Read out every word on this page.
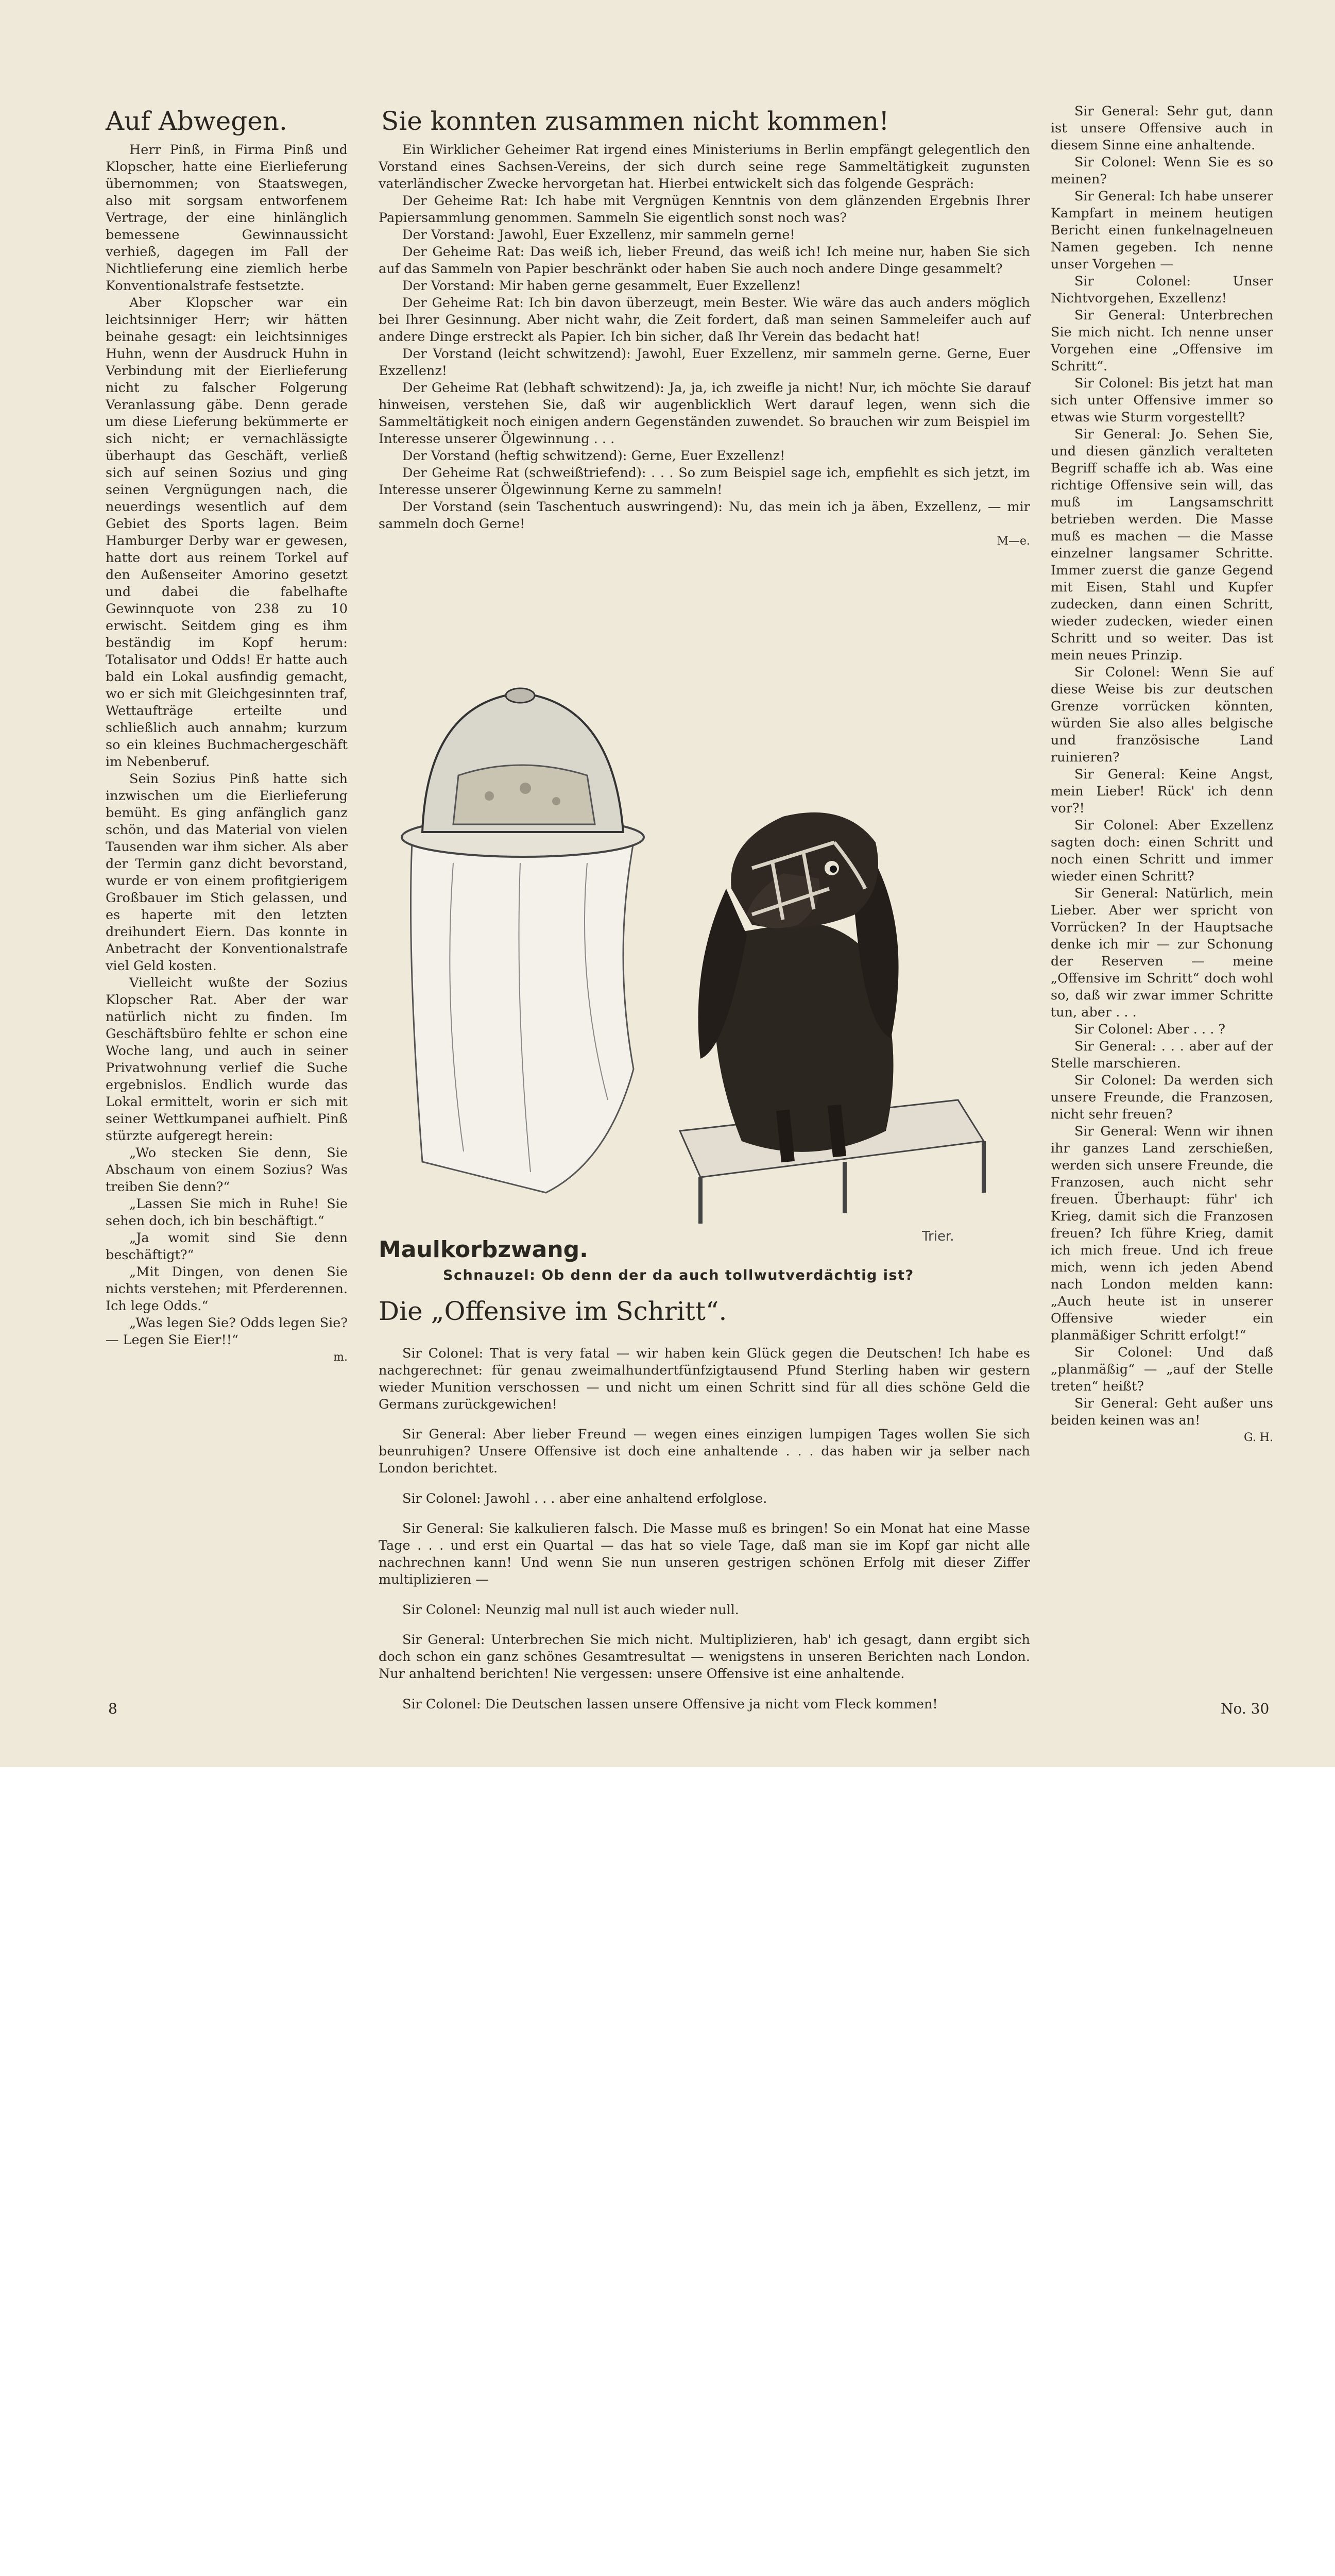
Auf Abwegen.

Herr Pinß, in Firma Pinß und Klopscher, hatte eine Eierlieferung übernommen; von Staatswegen, also mit sorgsam entworfenem Vertrage, der eine hinlänglich bemessene Gewinnaussicht verhieß, dagegen im Fall der Nichtlieferung eine ziemlich herbe Konventionalstrafe festsetzte.

Aber Klopscher war ein leichtsinniger Herr; wir hätten beinahe gesagt: ein leichtsinniges Huhn, wenn der Ausdruck Huhn in Verbindung mit der Eierlieferung nicht zu falscher Folgerung Veranlassung gäbe. Denn gerade um diese Lieferung bekümmerte er sich nicht; er vernachlässigte überhaupt das Geschäft, verließ sich auf seinen Sozius und ging seinen Vergnügungen nach, die neuerdings wesentlich auf dem Gebiet des Sports lagen. Beim Hamburger Derby war er gewesen, hatte dort aus reinem Torkel auf den Außenseiter Amorino gesetzt und dabei die fabelhafte Gewinnquote von 238 zu 10 erwischt. Seitdem ging es ihm beständig im Kopf herum: Totalisator und Odds! Er hatte auch bald ein Lokal ausfindig gemacht, wo er sich mit Gleichgesinnten traf, Wettaufträge erteilte und schließlich auch annahm; kurzum so ein kleines Buchmachergeschäft im Nebenberuf.

Sein Sozius Pinß hatte sich inzwischen um die Eierlieferung bemüht. Es ging anfänglich ganz schön, und das Material von vielen Tausenden war ihm sicher. Als aber der Termin ganz dicht bevorstand, wurde er von einem profitgierigem Großbauer im Stich gelassen, und es haperte mit den letzten dreihundert Eiern. Das konnte in Anbetracht der Konventionalstrafe viel Geld kosten.

Vielleicht wußte der Sozius Klopscher Rat. Aber der war natürlich nicht zu finden. Im Geschäftsbüro fehlte er schon eine Woche lang, und auch in seiner Privatwohnung verlief die Suche ergebnislos. Endlich wurde das Lokal ermittelt, worin er sich mit seiner Wettkumpanei aufhielt. Pinß stürzte aufgeregt herein:

„Wo stecken Sie denn, Sie Abschaum von einem Sozius? Was treiben Sie denn?“

„Lassen Sie mich in Ruhe! Sie sehen doch, ich bin beschäftigt.“

„Ja womit sind Sie denn beschäftigt?“

„Mit Dingen, von denen Sie nichts verstehen; mit Pferderennen. Ich lege Odds.“

„Was legen Sie? Odds legen Sie? — Legen Sie Eier!!“

m.

Sie konnten zusammen nicht kommen!

Ein Wirklicher Geheimer Rat irgend eines Ministeriums in Berlin empfängt gelegentlich den Vorstand eines Sachsen-Vereins, der sich durch seine rege Sammeltätigkeit zugunsten vaterländischer Zwecke hervorgetan hat. Hierbei entwickelt sich das folgende Gespräch:

Der Geheime Rat: Ich habe mit Vergnügen Kenntnis von dem glänzenden Ergebnis Ihrer Papiersammlung genommen. Sammeln Sie eigentlich sonst noch was?

Der Vorstand: Jawohl, Euer Exzellenz, mir sammeln gerne!

Der Geheime Rat: Das weiß ich, lieber Freund, das weiß ich! Ich meine nur, haben Sie sich auf das Sammeln von Papier beschränkt oder haben Sie auch noch andere Dinge gesammelt?

Der Vorstand: Mir haben gerne gesammelt, Euer Exzellenz!

Der Geheime Rat: Ich bin davon überzeugt, mein Bester. Wie wäre das auch anders möglich bei Ihrer Gesinnung. Aber nicht wahr, die Zeit fordert, daß man seinen Sammeleifer auch auf andere Dinge erstreckt als Papier. Ich bin sicher, daß Ihr Verein das bedacht hat!

Der Vorstand (leicht schwitzend): Jawohl, Euer Exzellenz, mir sammeln gerne. Gerne, Euer Exzellenz!

Der Geheime Rat (lebhaft schwitzend): Ja, ja, ich zweifle ja nicht! Nur, ich möchte Sie darauf hinweisen, verstehen Sie, daß wir augenblicklich Wert darauf legen, wenn sich die Sammeltätigkeit noch einigen andern Gegenständen zuwendet. So brauchen wir zum Beispiel im Interesse unserer Ölgewinnung . . .

Der Vorstand (heftig schwitzend): Gerne, Euer Exzellenz!

Der Geheime Rat (schweißtriefend): . . . So zum Beispiel sage ich, empfiehlt es sich jetzt, im Interesse unserer Ölgewinnung Kerne zu sammeln!

Der Vorstand (sein Taschentuch auswringend): Nu, das mein ich ja äben, Exzellenz, — mir sammeln doch Gerne!

M—e.

Trier.
Maulkorbzwang.
Schnauzel: Ob denn der da auch tollwutverdächtig ist?
Die „Offensive im Schritt“.

Sir Colonel: That is very fatal — wir haben kein Glück gegen die Deutschen! Ich habe es nachgerechnet: für genau zweimalhundertfünfzigtausend Pfund Sterling haben wir gestern wieder Munition verschossen — und nicht um einen Schritt sind für all dies schöne Geld die Germans zurückgewichen!

Sir General: Aber lieber Freund — wegen eines einzigen lumpigen Tages wollen Sie sich beunruhigen? Unsere Offensive ist doch eine anhaltende . . . das haben wir ja selber nach London berichtet.

Sir Colonel: Jawohl . . . aber eine anhaltend erfolglose.

Sir General: Sie kalkulieren falsch. Die Masse muß es bringen! So ein Monat hat eine Masse Tage . . . und erst ein Quartal — das hat so viele Tage, daß man sie im Kopf gar nicht alle nachrechnen kann! Und wenn Sie nun unseren gestrigen schönen Erfolg mit dieser Ziffer multiplizieren —

Sir Colonel: Neunzig mal null ist auch wieder null.

Sir General: Unterbrechen Sie mich nicht. Multiplizieren, hab' ich gesagt, dann ergibt sich doch schon ein ganz schönes Gesamtresultat — wenigstens in unseren Berichten nach London. Nur anhaltend berichten! Nie vergessen: unsere Offensive ist eine anhaltende.

Sir Colonel: Die Deutschen lassen unsere Offensive ja nicht vom Fleck kommen!

Sir General: Sehr gut, dann ist unsere Offensive auch in diesem Sinne eine anhaltende.

Sir Colonel: Wenn Sie es so meinen?

Sir General: Ich habe unserer Kampfart in meinem heutigen Bericht einen funkelnagelneuen Namen gegeben. Ich nenne unser Vorgehen —

Sir Colonel: Unser Nichtvorgehen, Exzellenz!

Sir General: Unterbrechen Sie mich nicht. Ich nenne unser Vorgehen eine „Offensive im Schritt“.

Sir Colonel: Bis jetzt hat man sich unter Offensive immer so etwas wie Sturm vorgestellt?

Sir General: Jo. Sehen Sie, und diesen gänzlich veralteten Begriff schaffe ich ab. Was eine richtige Offensive sein will, das muß im Langsamschritt betrieben werden. Die Masse muß es machen — die Masse einzelner langsamer Schritte. Immer zuerst die ganze Gegend mit Eisen, Stahl und Kupfer zudecken, dann einen Schritt, wieder zudecken, wieder einen Schritt und so weiter. Das ist mein neues Prinzip.

Sir Colonel: Wenn Sie auf diese Weise bis zur deutschen Grenze vorrücken könnten, würden Sie also alles belgische und französische Land ruinieren?

Sir General: Keine Angst, mein Lieber! Rück' ich denn vor?!

Sir Colonel: Aber Exzellenz sagten doch: einen Schritt und noch einen Schritt und immer wieder einen Schritt?

Sir General: Natürlich, mein Lieber. Aber wer spricht von Vorrücken? In der Hauptsache denke ich mir — zur Schonung der Reserven — meine „Offensive im Schritt“ doch wohl so, daß wir zwar immer Schritte tun, aber . . .

Sir Colonel: Aber . . . ?

Sir General: . . . aber auf der Stelle marschieren.

Sir Colonel: Da werden sich unsere Freunde, die Franzosen, nicht sehr freuen?

Sir General: Wenn wir ihnen ihr ganzes Land zerschießen, werden sich unsere Freunde, die Franzosen, auch nicht sehr freuen. Überhaupt: führ' ich Krieg, damit sich die Franzosen freuen? Ich führe Krieg, damit ich mich freue. Und ich freue mich, wenn ich jeden Abend nach London melden kann: „Auch heute ist in unserer Offensive wieder ein planmäßiger Schritt erfolgt!“

Sir Colonel: Und daß „planmäßig“ — „auf der Stelle treten“ heißt?

Sir General: Geht außer uns beiden keinen was an!

G. H.

8	No. 30
